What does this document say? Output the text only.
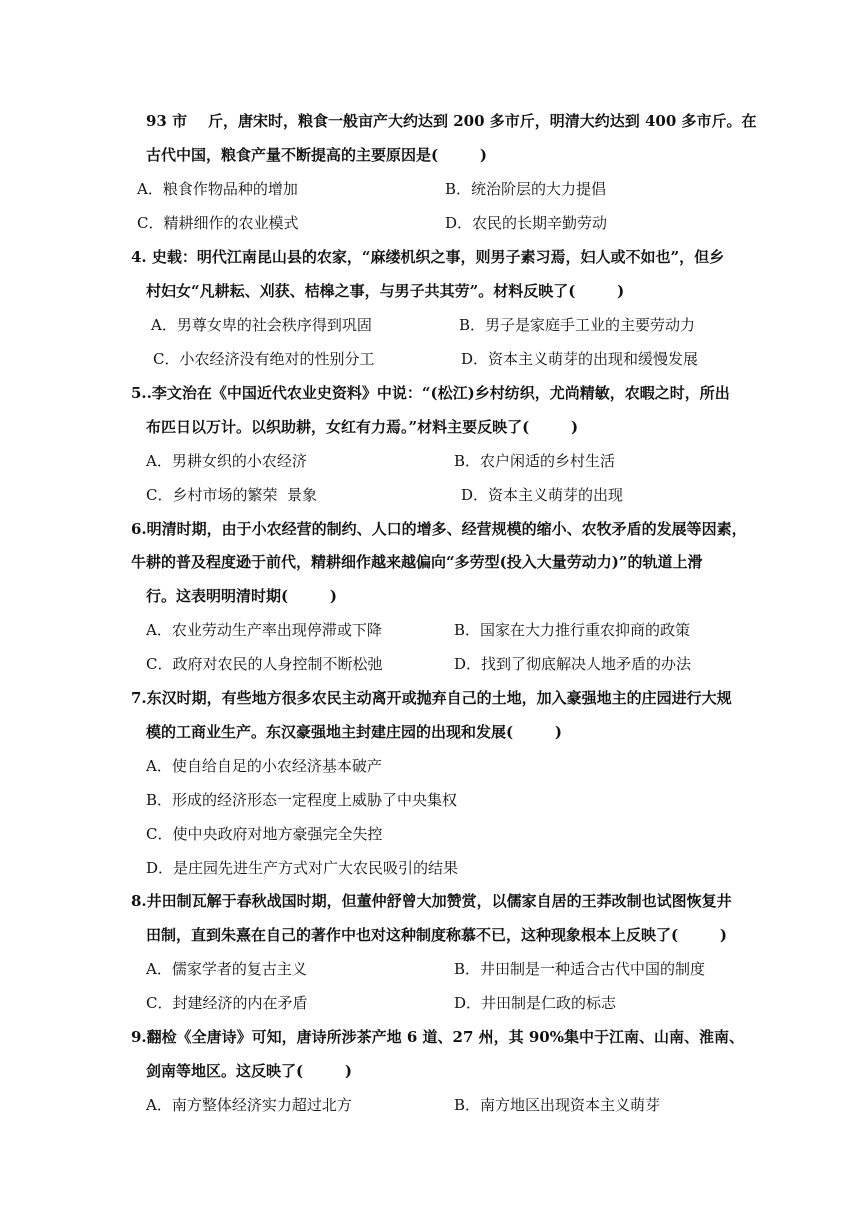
93 市    斤，唐宋时，粮食一般亩产大约达到 200 多市斤，明清大约达到 400 多市斤。在
古代中国，粮食产量不断提高的主要原因是(        )
A．粮食作物品种的增加	B．统治阶层的大力提倡
C．精耕细作的农业模式	D．农民的长期辛勤劳动
4. 史载：明代江南昆山县的农家，“麻缕机织之事，则男子素习焉，妇人或不如也”，但乡
村妇女“凡耕耘、刈获、桔槔之事，与男子共其劳”。材料反映了(        )
A．男尊女卑的社会秩序得到巩固	B．男子是家庭手工业的主要劳动力
C．小农经济没有绝对的性别分工	D．资本主义萌芽的出现和缓慢发展
5..李文治在《中国近代农业史资料》中说：“(松江)乡村纺织，尤尚精敏，农暇之时，所出
布匹日以万计。以织助耕，女红有力焉。”材料主要反映了(        )
A．男耕女织的小农经济	B．农户闲适的乡村生活
C．乡村市场的繁荣  景象	D．资本主义萌芽的出现
6.明清时期，由于小农经营的制约、人口的增多、经营规模的缩小、农牧矛盾的发展等因素，
牛耕的普及程度逊于前代，精耕细作越来越偏向“多劳型(投入大量劳动力)”的轨道上滑
行。这表明明清时期(        )
A．农业劳动生产率出现停滞或下降	B．国家在大力推行重农抑商的政策
C．政府对农民的人身控制不断松弛	D．找到了彻底解决人地矛盾的办法
7.东汉时期，有些地方很多农民主动离开或抛弃自己的土地，加入豪强地主的庄园进行大规
模的工商业生产。东汉豪强地主封建庄园的出现和发展(        )
A．使自给自足的小农经济基本破产
B．形成的经济形态一定程度上威胁了中央集权
C．使中央政府对地方豪强完全失控
D．是庄园先进生产方式对广大农民吸引的结果
8.井田制瓦解于春秋战国时期，但董仲舒曾大加赞赏，以儒家自居的王莽改制也试图恢复井
田制，直到朱熹在自己的著作中也对这种制度称慕不已，这种现象根本上反映了(        )
A．儒家学者的复古主义	B．井田制是一种适合古代中国的制度
C．封建经济的内在矛盾	D．井田制是仁政的标志
9.翻检《全唐诗》可知，唐诗所涉茶产地 6 道、27 州，其 90%集中于江南、山南、淮南、
剑南等地区。这反映了(        )
A．南方整体经济实力超过北方	B．南方地区出现资本主义萌芽
